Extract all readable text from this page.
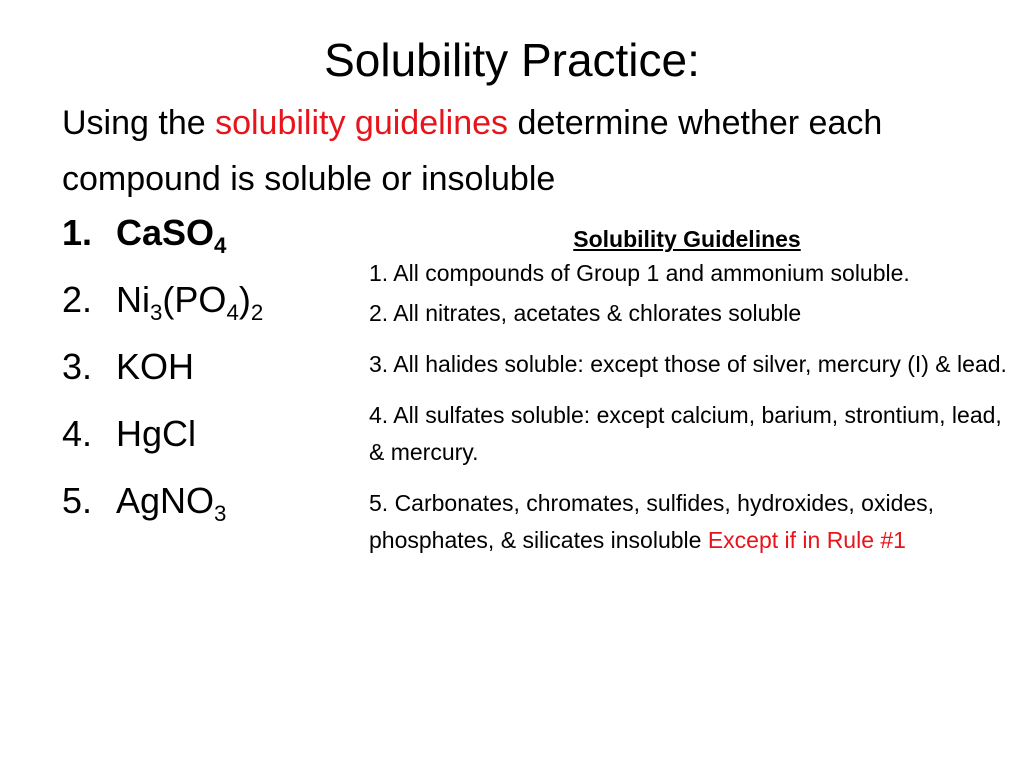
Solubility Practice:

Using the solubility guidelines determine whether each compound is soluble or insoluble

1. CaSO$_4$
2. $Ni_3(PO_4)_2$
3. KOH
4. HgCl
5. AgNO$_3$
Solubility Guidelines

1. All compounds of Group 1 and ammonium soluble.

2. All nitrates, acetates & chlorates soluble

3. All halides soluble: except those of silver, mercury (I) & lead.

4. All sulfates soluble: except calcium, barium, strontium, lead, & mercury.

5. Carbonates, chromates, sulfides, hydroxides, oxides, phosphates, & silicates insoluble Except if in Rule #1
